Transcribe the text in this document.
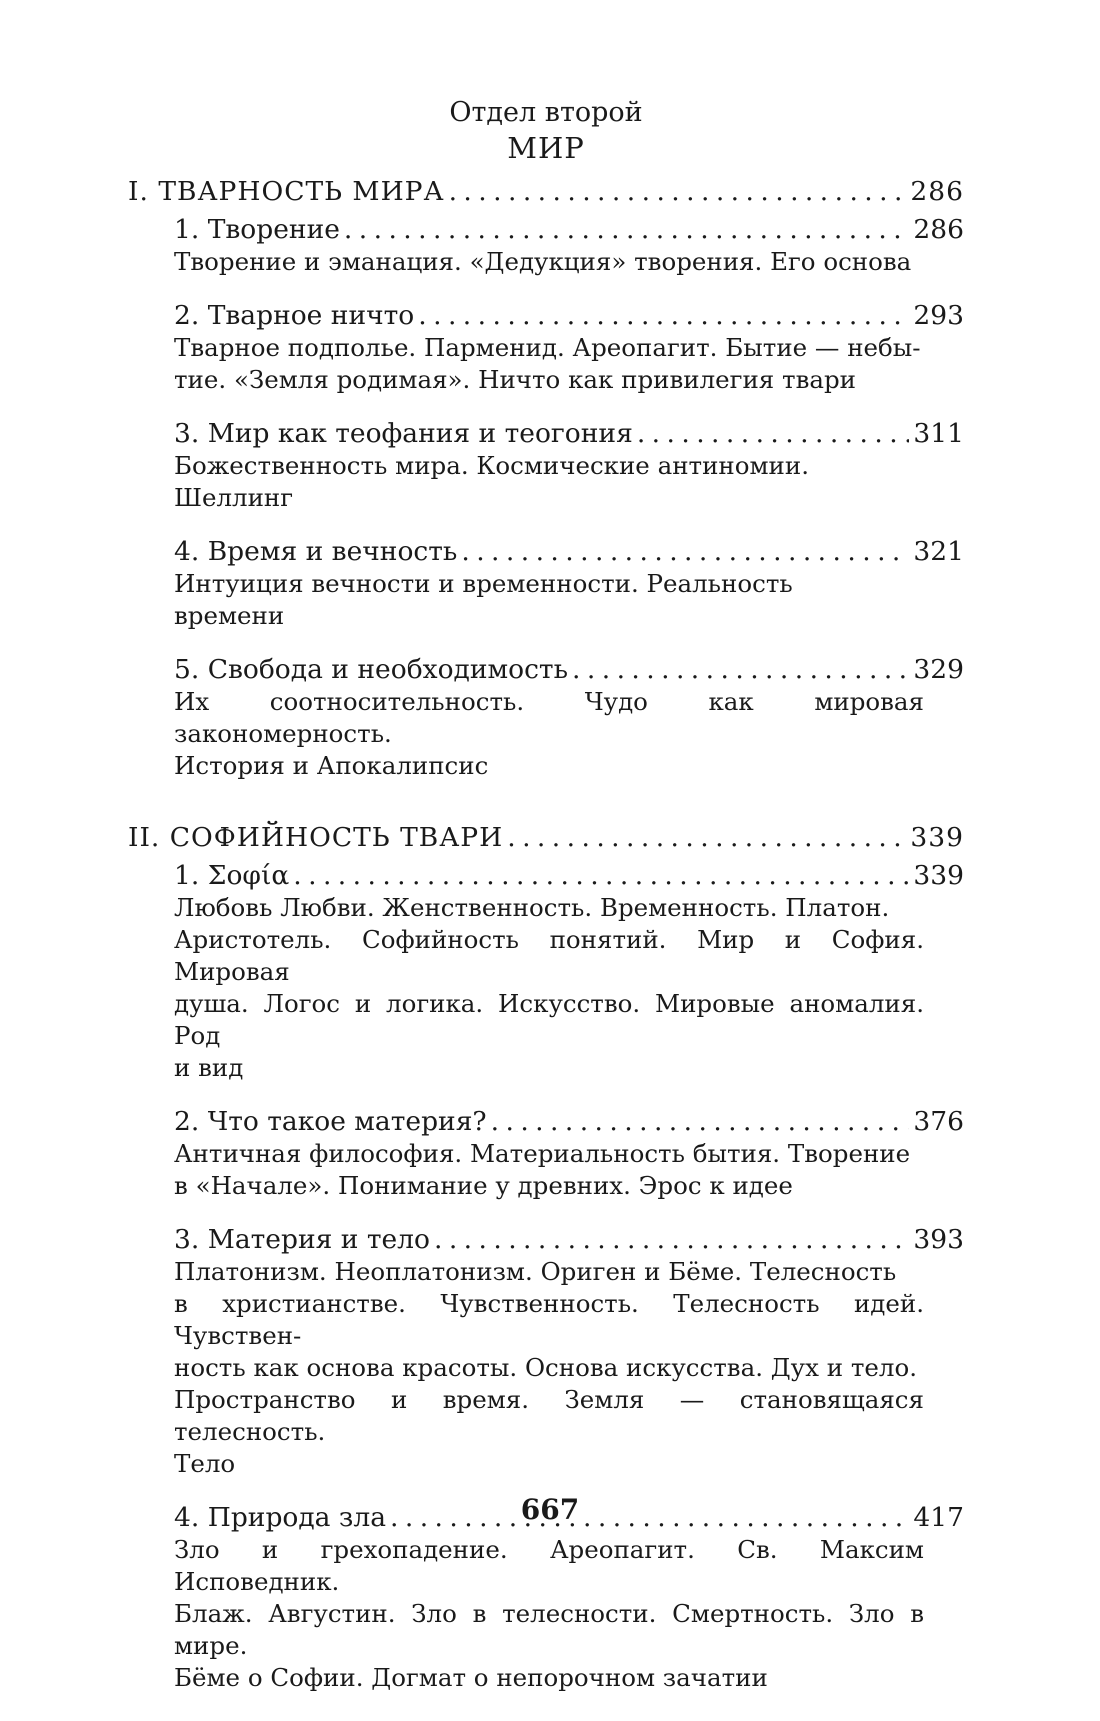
Отдел второй
МИР
I. ТВАРНОСТЬ МИРА . . .	286
1. Творение . . .	286
Творение и эманация. «Дедукция» творения. Его основа
2. Тварное ничто . . .	293
Тварное подполье. Парменид. Ареопагит. Бытие — небы-
тие. «Земля родимая». Ничто как привилегия твари
3. Мир как теофания и теогония . . .	311
Божественность мира. Космические антиномии.
Шеллинг
4. Время и вечность . . .	321
Интуиция вечности и временности. Реальность
времени
5. Свобода и необходимость . . .	329
Их соотносительность. Чудо как мировая закономерность.
История и Апокалипсис
II. СОФИЙНОСТЬ ТВАРИ . . .	339
1. Σοφία . . .	339
Любовь Любви. Женственность. Временность. Платон.
Аристотель. Софийность понятий. Мир и София. Мировая
душа. Логос и логика. Искусство. Мировые аномалия. Род
и вид
2. Что такое материя? . . .	376
Античная философия. Материальность бытия. Творение
в «Начале». Понимание у древних. Эрос к идее
3. Материя и тело . . .	393
Платонизм. Неоплатонизм. Ориген и Бёме. Телесность
в христианстве. Чувственность. Телесность идей. Чувствен-
ность как основа красоты. Основа искусства. Дух и тело.
Пространство и время. Земля — становящаяся телесность.
Тело
4. Природа зла . . .	417
Зло и грехопадение. Ареопагит. Св. Максим Исповедник.
Блаж. Августин. Зло в телесности. Смертность. Зло в мире.
Бёме о Софии. Догмат о непорочном зачатии
667
